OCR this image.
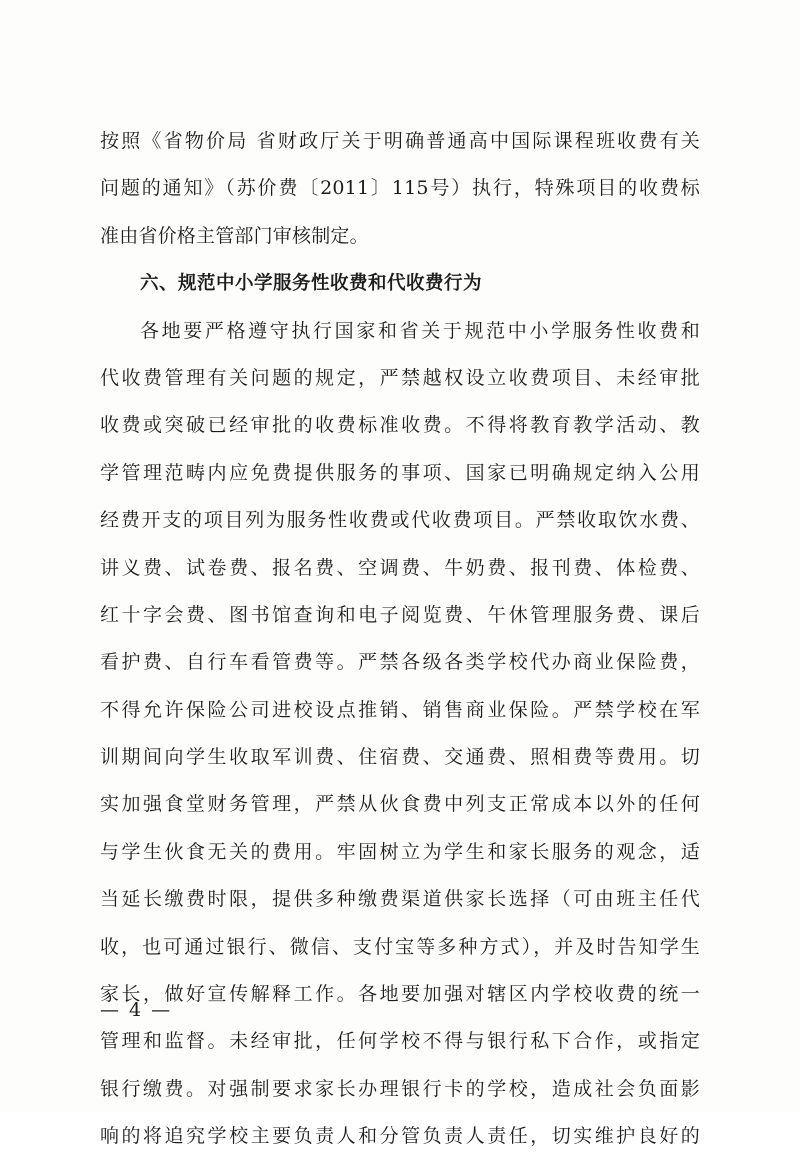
按照《省物价局 省财政厅关于明确普通高中国际课程班收费有关
问题的通知》（苏价费〔2011〕115号）执行，特殊项目的收费标
准由省价格主管部门审核制定。
六、规范中小学服务性收费和代收费行为
各地要严格遵守执行国家和省关于规范中小学服务性收费和
代收费管理有关问题的规定，严禁越权设立收费项目、未经审批
收费或突破已经审批的收费标准收费。不得将教育教学活动、教
学管理范畴内应免费提供服务的事项、国家已明确规定纳入公用
经费开支的项目列为服务性收费或代收费项目。严禁收取饮水费、
讲义费、试卷费、报名费、空调费、牛奶费、报刊费、体检费、
红十字会费、图书馆查询和电子阅览费、午休管理服务费、课后
看护费、自行车看管费等。严禁各级各类学校代办商业保险费，
不得允许保险公司进校设点推销、销售商业保险。严禁学校在军
训期间向学生收取军训费、住宿费、交通费、照相费等费用。切
实加强食堂财务管理，严禁从伙食费中列支正常成本以外的任何
与学生伙食无关的费用。牢固树立为学生和家长服务的观念，适
当延长缴费时限，提供多种缴费渠道供家长选择（可由班主任代
收，也可通过银行、微信、支付宝等多种方式），并及时告知学生
家长，做好宣传解释工作。各地要加强对辖区内学校收费的统一
管理和监督。未经审批，任何学校不得与银行私下合作，或指定
银行缴费。对强制要求家长办理银行卡的学校，造成社会负面影
响的将追究学校主要负责人和分管负责人责任，切实维护良好的
— 4 —
